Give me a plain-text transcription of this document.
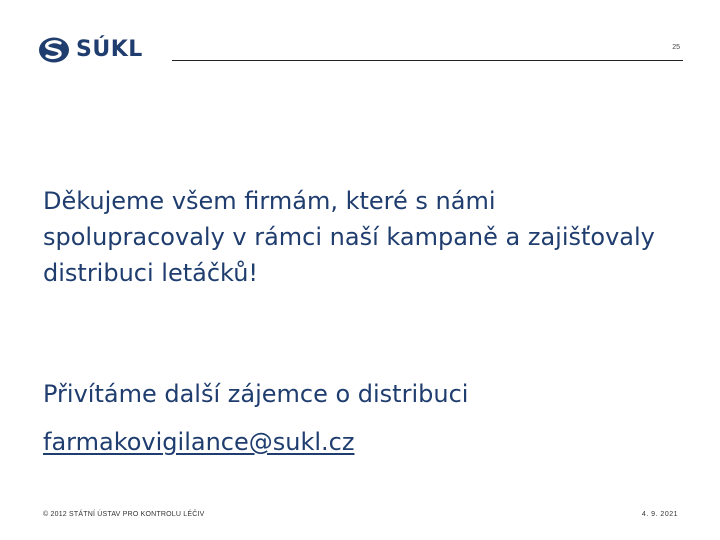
SÚKL	25
Děkujeme všem firmám, které s námi spolupracovaly v rámci naší kampaně a zajišťovaly distribuci letáčků!
Přivítáme další zájemce o distribuci
farmakovigilance@sukl.cz
© 2012 STÁTNÍ ÚSTAV PRO KONTROLU LÉČIV	4. 9. 2021
